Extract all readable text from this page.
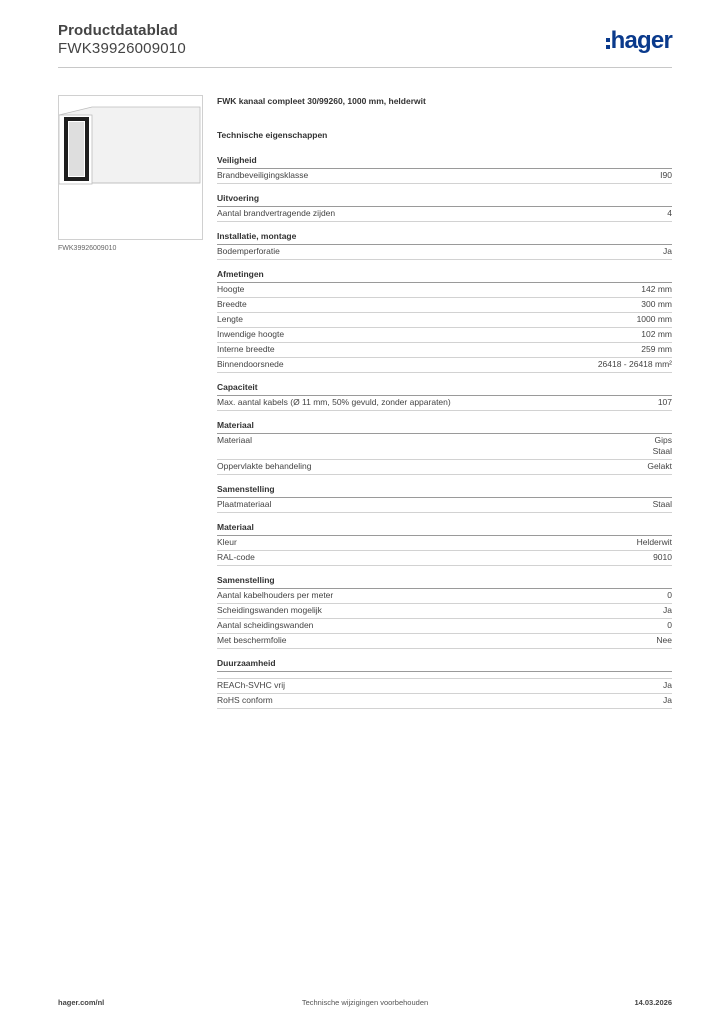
Productdatablad
FWK39926009010	hager
FWK39926009010
FWK kanaal compleet 30/99260, 1000 mm, helderwit
Technische eigenschappen
Veiligheid
Brandbeveiligingsklasse	I90
Uitvoering
Aantal brandvertragende zijden	4
Installatie, montage
Bodemperforatie	Ja
Afmetingen
Hoogte	142 mm
Breedte	300 mm
Lengte	1000 mm
Inwendige hoogte	102 mm
Interne breedte	259 mm
Binnendoorsnede	26418 - 26418 mm²
Capaciteit
Max. aantal kabels (Ø 11 mm, 50% gevuld, zonder apparaten)	107
Materiaal
Materiaal	Gips
Staal
Oppervlakte behandeling	Gelakt
Samenstelling
Plaatmateriaal	Staal
Materiaal
Kleur	Helderwit
RAL-code	9010
Samenstelling
Aantal kabelhouders per meter	0
Scheidingswanden mogelijk	Ja
Aantal scheidingswanden	0
Met beschermfolie	Nee
Duurzaamheid
REACh-SVHC vrij	Ja
RoHS conform	Ja
hager.com/nl	Technische wijzigingen voorbehouden	14.03.2026
